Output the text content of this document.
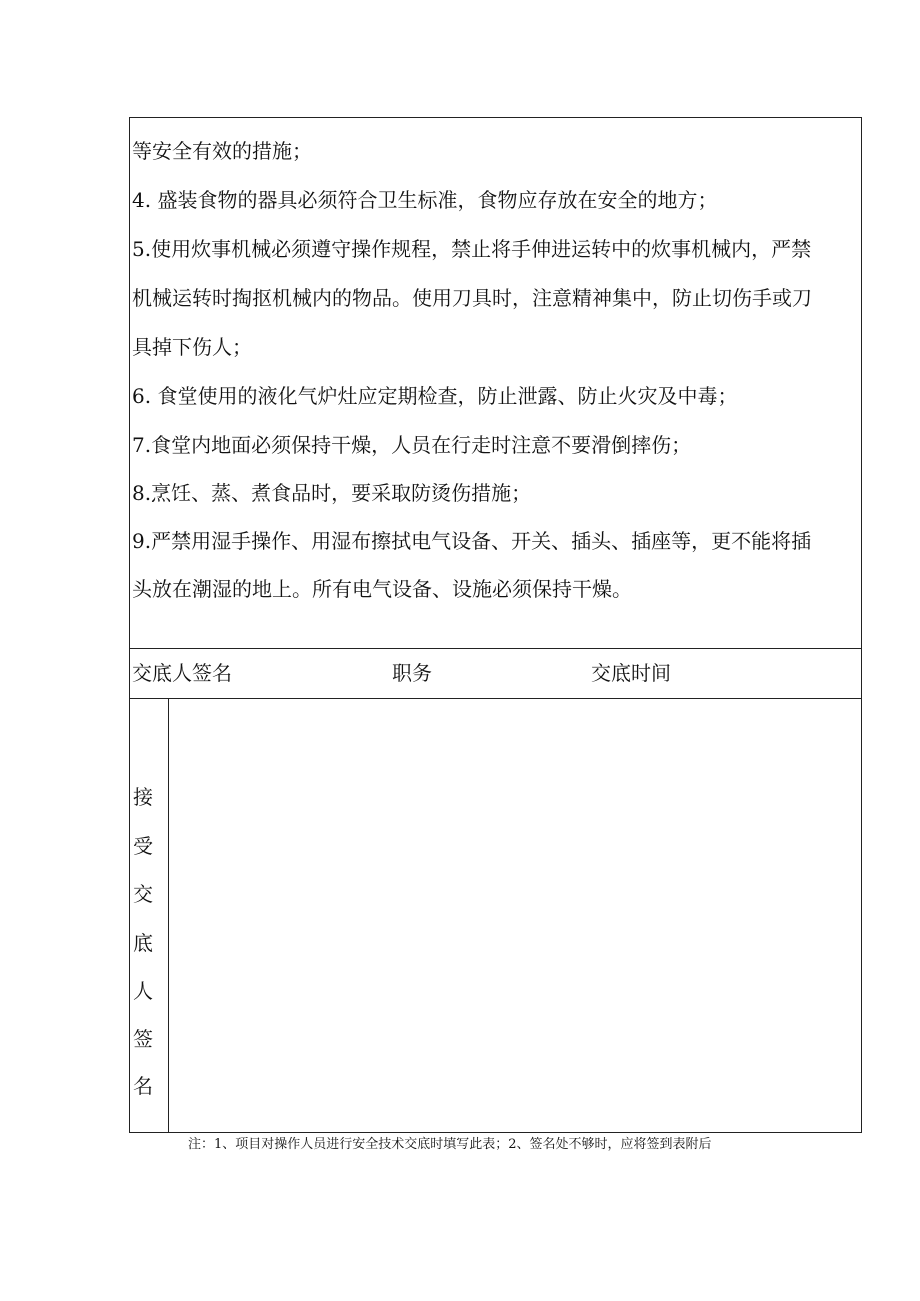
等安全有效的措施；
4. 盛装食物的器具必须符合卫生标准，食物应存放在安全的地方；
5.使用炊事机械必须遵守操作规程，禁止将手伸进运转中的炊事机械内，严禁
机械运转时掏抠机械内的物品。使用刀具时，注意精神集中，防止切伤手或刀
具掉下伤人；
6. 食堂使用的液化气炉灶应定期检查，防止泄露、防止火灾及中毒；
7.食堂内地面必须保持干燥，人员在行走时注意不要滑倒摔伤；
8.烹饪、蒸、煮食品时，要采取防烫伤措施；
9.严禁用湿手操作、用湿布擦拭电气设备、开关、插头、插座等，更不能将插
头放在潮湿的地上。所有电气设备、设施必须保持干燥。
交底人签名	职务	交底时间
接
受
交
底
人
签
名
注：1、项目对操作人员进行安全技术交底时填写此表；2、签名处不够时，应将签到表附后
